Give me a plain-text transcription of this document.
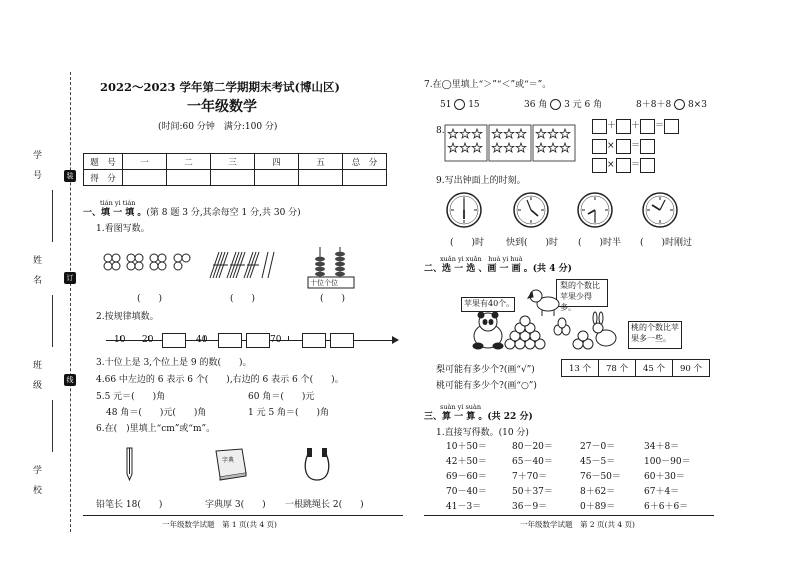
装
订
线
学 号
姓 名
班 级
学 校
2022～2023 学年第二学期期末考试(博山区)
一年级数学
(时间:60 分钟　满分:100 分)
题　号	一	二	三	四	五	总　分
得　分						
tián yi tián
一、填 一 填 。(第 8 题 3 分,其余每空 1 分,共 30 分)
1.看图写数。
(　　)	(　　)
十位个位
(　　)
2.按规律填数。
10 20	40	70
3.十位上是 3,个位上是 9 的数(　　)。
4.66 中左边的 6 表示 6 个(　　),右边的 6 表示 6 个(　　)。
5.5 元＝(　　)角	60 角＝(　　)元
48 角＝(　　)元(　　)角	1 元 5 角＝(　　)角
6.在(　)里填上“cm”或“m”。
字典
铅笔长 18(　　)	字典厚 3(　　) 一根跳绳长 2(　　)
一年级数学试题　第 1 页(共 4 页)
7.在◯里填上“＞”“＜”或“＝”。
51 15	36 角 3 元 6 角	8＋8＋8 8×3
8.	＋ ＋ ＝
× ＝
× ＝
9.写出钟面上的时刻。
(　　)时 快到(　　)时 (　　)时半 (　　)时刚过
xuǎn yi xuǎn　huà yi huà
二、选 一 选 、画 一 画 。(共 4 分)
苹果有40个。
梨的个数比苹果少得多。
桃的个数比苹果多一些。
梨可能有多少个?(画“√”)
桃可能有多少个?(画“○”)
13 个	78 个	45 个	90 个
suàn yi suàn
三、算 一 算 。(共 22 分)
1.直接写得数。(10 分)
10＋50＝	80－20＝	27－0＝	34＋8＝
42＋50＝	65－40＝	45－5＝	100－90＝
69－60＝	7＋70＝	76－50＝	60＋30＝
70－40＝	50＋37＝	8＋62＝	67＋4＝
41－3＝	36－9＝	0＋89＝	6＋6＋6＝
一年级数学试题　第 2 页(共 4 页)
